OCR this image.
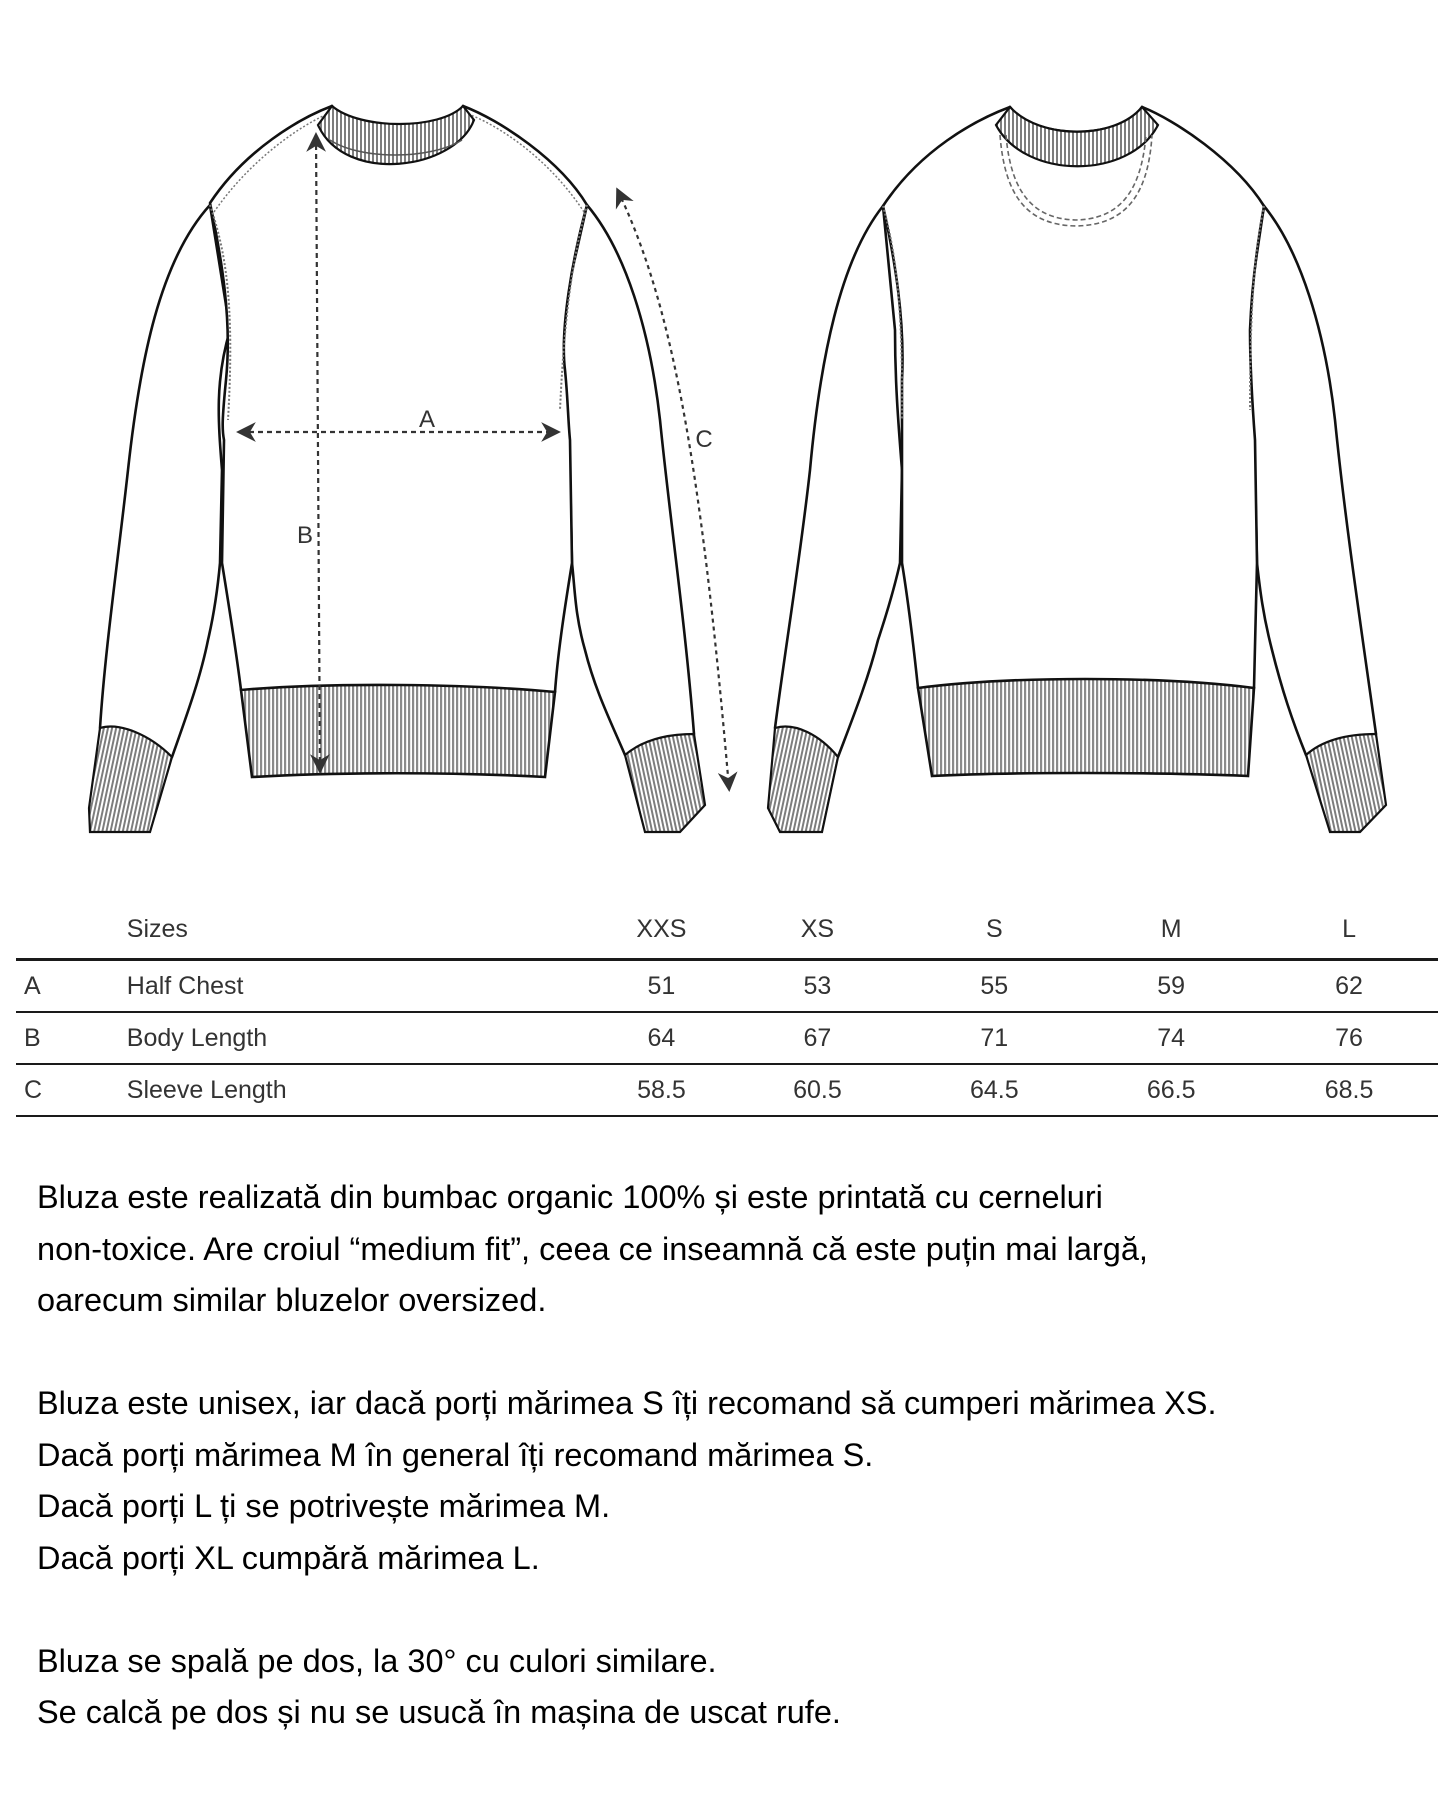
A
B
C
	Sizes	XXS	XS	S	M	L
A	Half Chest	51	53	55	59	62
B	Body Length	64	67	71	74	76
C	Sleeve Length	58.5	60.5	64.5	66.5	68.5

Bluza este realizată din bumbac organic 100% și este printată cu cerneluri
non-toxice. Are croiul “medium fit”, ceea ce inseamnă că este puțin mai largă,
oarecum similar bluzelor oversized.

Bluza este unisex, iar dacă porți mărimea S îți recomand să cumperi mărimea XS.
Dacă porți mărimea M în general îți recomand mărimea S.
Dacă porți L ți se potrivește mărimea M.
Dacă porți XL cumpără mărimea L.

Bluza se spală pe dos, la 30° cu culori similare.
Se calcă pe dos și nu se usucă în mașina de uscat rufe.
